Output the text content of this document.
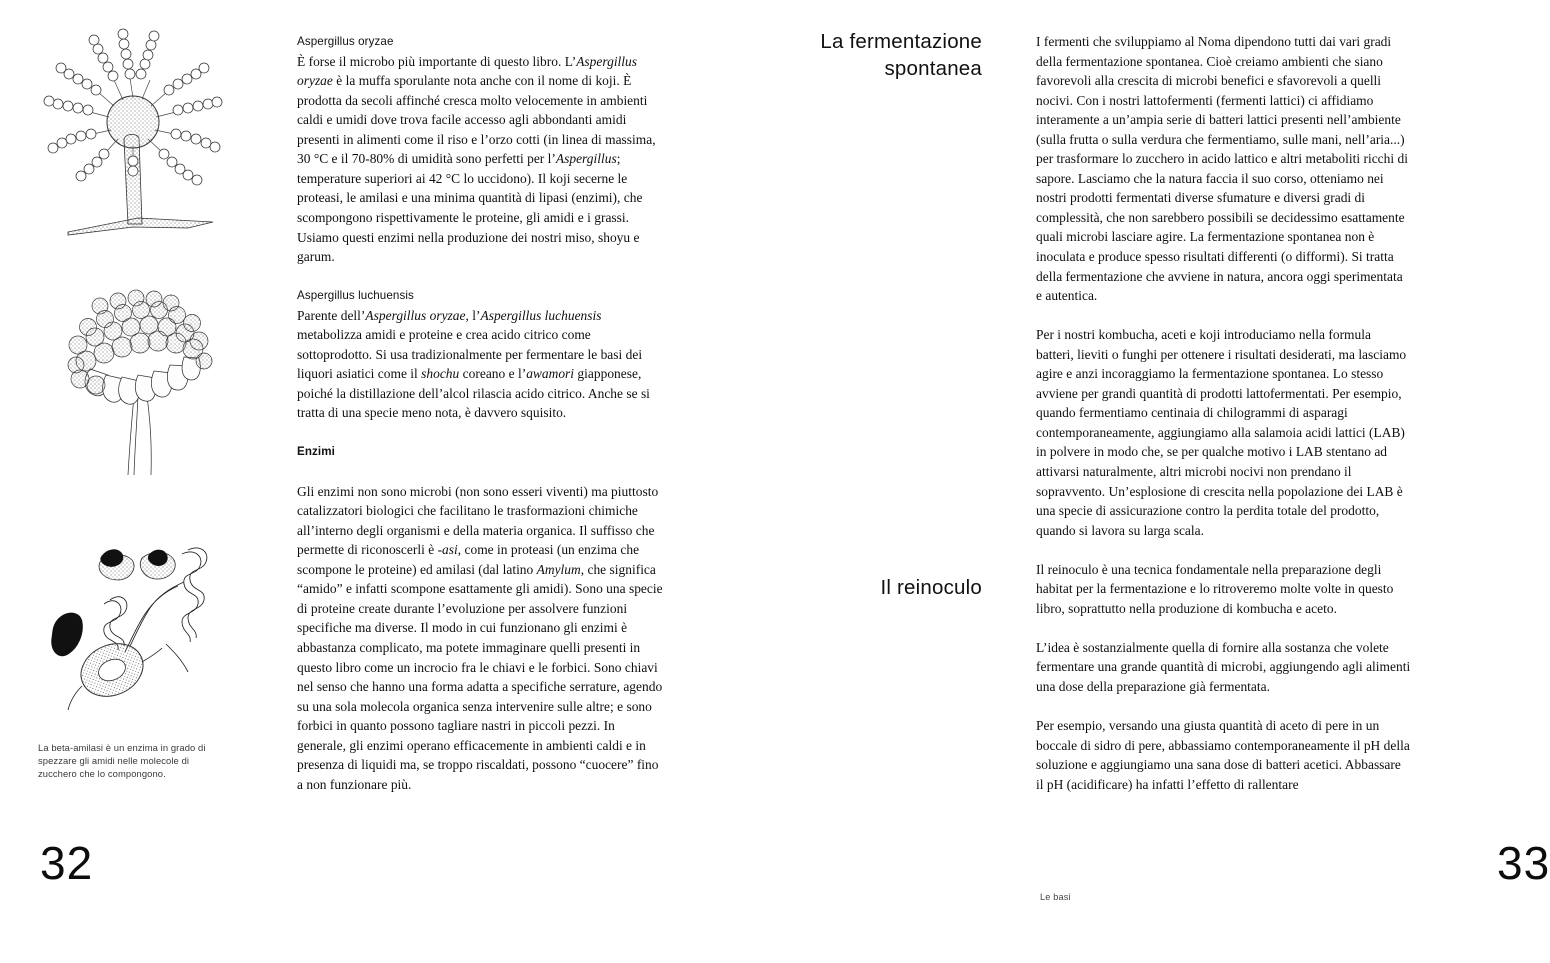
La beta-amilasi è un enzima in grado di spezzare gli amidi nelle molecole di zucchero che lo compongono.
Aspergillus oryzae

È forse il microbo più importante di questo libro. L’Aspergillus oryzae è la muffa sporulante nota anche con il nome di koji. È prodotta da secoli affinché cresca molto velocemente in ambienti caldi e umidi dove trova facile accesso agli abbondanti amidi presenti in alimenti come il riso e l’orzo cotti (in linea di massima, 30 °C e il 70-80% di umidità sono perfetti per l’Aspergillus; temperature superiori ai 42 °C lo uccidono). Il koji secerne le proteasi, le amilasi e una minima quantità di lipasi (enzimi), che scompongono rispettivamente le proteine, gli amidi e i grassi. Usiamo questi enzimi nella produzione dei nostri miso, shoyu e garum.

Aspergillus luchuensis

Parente dell’Aspergillus oryzae, l’Aspergillus luchuensis metabolizza amidi e proteine e crea acido citrico come sottoprodotto. Si usa tradizionalmente per fermentare le basi dei liquori asiatici come il shochu coreano e l’awamori giapponese, poiché la distillazione dell’alcol rilascia acido citrico. Anche se si tratta di una specie meno nota, è davvero squisito.

Enzimi

Gli enzimi non sono microbi (non sono esseri viventi) ma piuttosto catalizzatori biologici che facilitano le trasformazioni chimiche all’interno degli organismi e della materia organica. Il suffisso che permette di riconoscerli è -asi, come in proteasi (un enzima che scompone le proteine) ed amilasi (dal latino Amylum, che significa “amido” e infatti scompone esattamente gli amidi). Sono una specie di proteine create durante l’evoluzione per assolvere funzioni specifiche ma diverse. Il modo in cui funzionano gli enzimi è abbastanza complicato, ma potete immaginare quelli presenti in questo libro come un incrocio fra le chiavi e le forbici. Sono chiavi nel senso che hanno una forma adatta a specifiche serrature, agendo su una sola molecola organica senza intervenire sulle altre; e sono forbici in quanto possono tagliare nastri in piccoli pezzi. In generale, gli enzimi operano efficacemente in ambienti caldi e in presenza di liquidi ma, se troppo riscaldati, possono “cuocere” fino a non funzionare più.

32
La fermentazione
spontanea
Il reinoculo

I fermenti che sviluppiamo al Noma dipendono tutti dai vari gradi della fermentazione spontanea. Cioè creiamo ambienti che siano favorevoli alla crescita di microbi benefici e sfavorevoli a quelli nocivi. Con i nostri lattofermenti (fermenti lattici) ci affidiamo interamente a un’ampia serie di batteri lattici presenti nell’ambiente (sulla frutta o sulla verdura che fermentiamo, sulle mani, nell’aria...) per trasformare lo zucchero in acido lattico e altri metaboliti ricchi di sapore. Lasciamo che la natura faccia il suo corso, otteniamo nei nostri prodotti fermentati diverse sfumature e diversi gradi di complessità, che non sarebbero possibili se decidessimo esattamente quali microbi lasciare agire. La fermentazione spontanea non è inoculata e produce spesso risultati differenti (o difformi). Si tratta della fermentazione che avviene in natura, ancora oggi sperimentata e autentica.

Per i nostri kombucha, aceti e koji introduciamo nella formula batteri, lieviti o funghi per ottenere i risultati desiderati, ma lasciamo agire e anzi incoraggiamo la fermentazione spontanea. Lo stesso avviene per grandi quantità di prodotti lattofermentati. Per esempio, quando fermentiamo centinaia di chilogrammi di asparagi contemporaneamente, aggiungiamo alla salamoia acidi lattici (LAB) in polvere in modo che, se per qualche motivo i LAB stentano ad attivarsi naturalmente, altri microbi nocivi non prendano il sopravvento. Un’esplosione di crescita nella popolazione dei LAB è una specie di assicurazione contro la perdita totale del prodotto, quando si lavora su larga scala.

Il reinoculo è una tecnica fondamentale nella preparazione degli habitat per la fermentazione e lo ritroveremo molte volte in questo libro, soprattutto nella produzione di kombucha e aceto.

L’idea è sostanzialmente quella di fornire alla sostanza che volete fermentare una grande quantità di microbi, aggiungendo agli alimenti una dose della preparazione già fermentata.

Per esempio, versando una giusta quantità di aceto di pere in un boccale di sidro di pere, abbassiamo contemporaneamente il pH della soluzione e aggiungiamo una sana dose di batteri acetici. Abbassare il pH (acidificare) ha infatti l’effetto di rallentare

33
Le basi
